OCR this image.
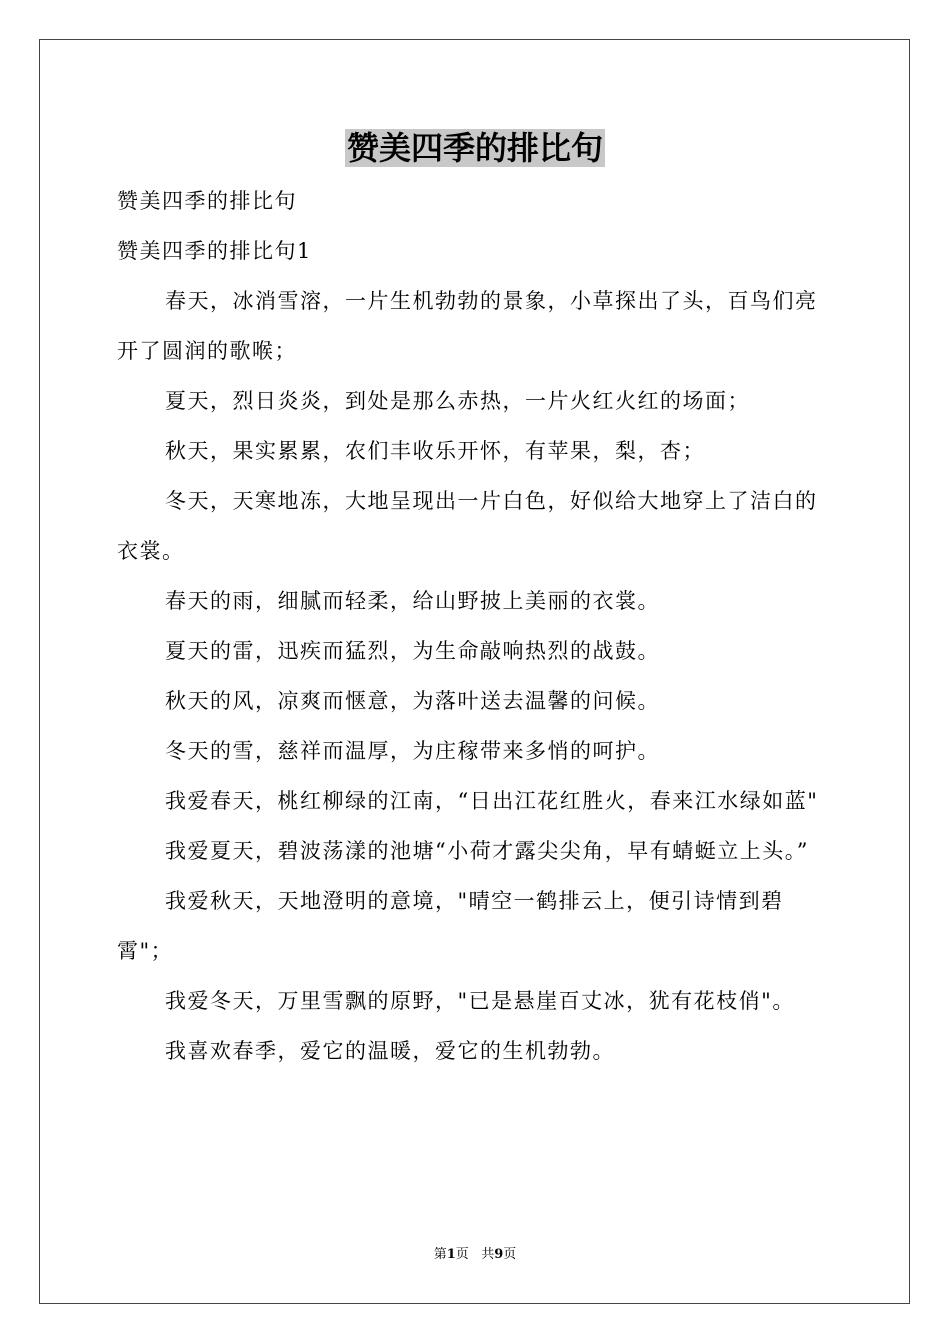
赞美四季的排比句

赞美四季的排比句

赞美四季的排比句1

春天，冰消雪溶，一片生机勃勃的景象，小草探出了头，百鸟们亮开了圆润的歌喉；

夏天，烈日炎炎，到处是那么赤热，一片火红火红的场面；

秋天，果实累累，农们丰收乐开怀，有苹果，梨，杏；

冬天，天寒地冻，大地呈现出一片白色，好似给大地穿上了洁白的衣裳。

春天的雨，细腻而轻柔，给山野披上美丽的衣裳。

夏天的雷，迅疾而猛烈，为生命敲响热烈的战鼓。

秋天的风，凉爽而惬意，为落叶送去温馨的问候。

冬天的雪，慈祥而温厚，为庄稼带来多悄的呵护。

我爱春天，桃红柳绿的江南，“日出江花红胜火，春来江水绿如蓝"

我爱夏天，碧波荡漾的池塘“小荷才露尖尖角，早有蜻蜓立上头。”

我爱秋天，天地澄明的意境，"晴空一鹤排云上，便引诗情到碧霄"；

我爱冬天，万里雪飘的原野，"已是悬崖百丈冰，犹有花枝俏"。

我喜欢春季，爱它的温暖，爱它的生机勃勃。

第1页 共9页
